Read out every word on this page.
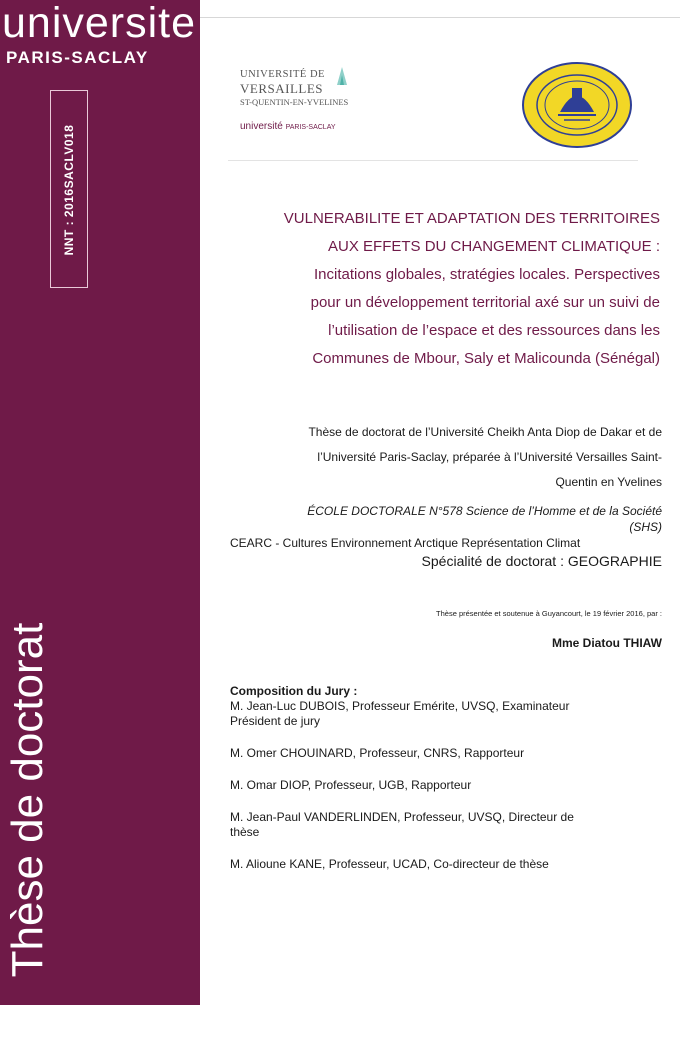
universite
PARIS-SACLAY
NNT : 2016SACLV018
Thèse de doctorat
UNIVERSITÉ DE
VERSAILLES
ST-QUENTIN-EN-YVELINES
université PARIS-SACLAY
VULNERABILITE ET ADAPTATION DES TERRITOIRES
AUX EFFETS DU CHANGEMENT CLIMATIQUE :
Incitations globales, stratégies locales. Perspectives
pour un développement territorial axé sur un suivi de
l’utilisation de l’espace et des ressources dans les
Communes de Mbour, Saly et Malicounda (Sénégal)
Thèse de doctorat de l’Université Cheikh Anta Diop de Dakar et de
l’Université Paris-Saclay, préparée à l’Université Versailles Saint-
Quentin en Yvelines
ÉCOLE DOCTORALE N°578 Science de l’Homme et de la Société
(SHS)
CEARC - Cultures Environnement Arctique Représentation Climat
Spécialité de doctorat : GEOGRAPHIE
Thèse présentée et soutenue à Guyancourt, le 19 février 2016, par :
Mme Diatou THIAW
Composition du Jury :
M. Jean-Luc DUBOIS, Professeur Emérite, UVSQ, Examinateur
Président de jury
M. Omer CHOUINARD, Professeur, CNRS, Rapporteur
M. Omar DIOP, Professeur, UGB, Rapporteur
M. Jean-Paul VANDERLINDEN, Professeur, UVSQ, Directeur de
thèse
M. Alioune KANE, Professeur, UCAD, Co-directeur de thèse
